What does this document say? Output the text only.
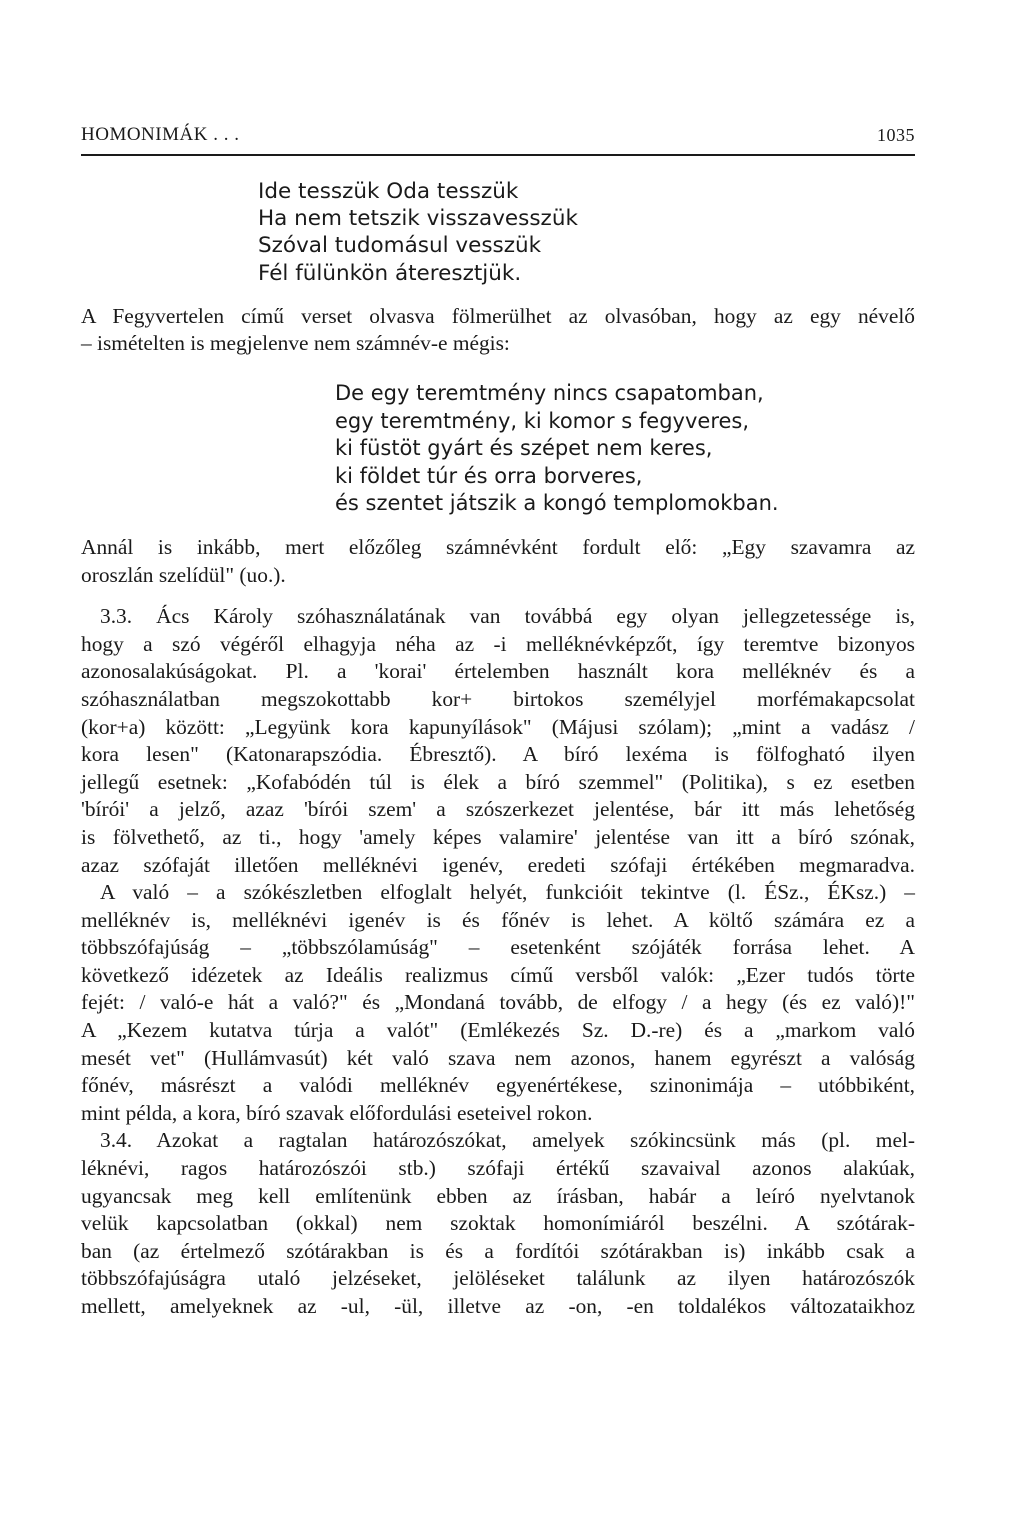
HOMONIMÁK . . .	1035
Ide tesszük Oda tesszük
Ha nem tetszik visszavesszük
Szóval tudomásul vesszük
Fél fülünkön áteresztjük.
A Fegyvertelen című verset olvasva fölmerülhet az olvasóban, hogy az egy névelő
– ismételten is megjelenve nem számnév-e mégis:
De egy teremtmény nincs csapatomban,
egy teremtmény, ki komor s fegyveres,
ki füstöt gyárt és szépet nem keres,
ki földet túr és orra borveres,
és szentet játszik a kongó templomokban.
Annál is inkább, mert előzőleg számnévként fordult elő: „Egy szavamra az
oroszlán szelídül" (uo.).
3.3. Ács Károly szóhasználatának van továbbá egy olyan jellegzetessége is,
hogy a szó végéről elhagyja néha az -i melléknévképzőt, így teremtve bizonyos
azonosalakúságokat. Pl. a 'korai' értelemben használt kora melléknév és a
szóhasználatban megszokottabb kor+ birtokos személyjel morfémakapcsolat
(kor+a) között: „Legyünk kora kapunyílások" (Májusi szólam); „mint a vadász /
kora lesen" (Katonarapszódia. Ébresztő). A bíró lexéma is fölfogható ilyen
jellegű esetnek: „Kofabódén túl is élek a bíró szemmel" (Politika), s ez esetben
'bírói' a jelző, azaz 'bírói szem' a szószerkezet jelentése, bár itt más lehetőség
is fölvethető, az ti., hogy 'amely képes valamire' jelentése van itt a bíró szónak,
azaz szófaját illetően melléknévi igenév, eredeti szófaji értékében megmaradva.
A való – a szókészletben elfoglalt helyét, funkcióit tekintve (l. ÉSz., ÉKsz.) –
melléknév is, melléknévi igenév is és főnév is lehet. A költő számára ez a
többszófajúság – „többszólamúság" – esetenként szójáték forrása lehet. A
következő idézetek az Ideális realizmus című versből valók: „Ezer tudós törte
fejét: / való-e hát a való?" és „Mondaná tovább, de elfogy / a hegy (és ez való)!"
A „Kezem kutatva túrja a valót" (Emlékezés Sz. D.-re) és a „markom való
mesét vet" (Hullámvasút) két való szava nem azonos, hanem egyrészt a valóság
főnév, másrészt a valódi melléknév egyenértékese, szinonimája – utóbbiként,
mint példa, a kora, bíró szavak előfordulási eseteivel rokon.
3.4. Azokat a ragtalan határozószókat, amelyek szókincsünk más (pl. mel-
léknévi, ragos határozószói stb.) szófaji értékű szavaival azonos alakúak,
ugyancsak meg kell említenünk ebben az írásban, habár a leíró nyelvtanok
velük kapcsolatban (okkal) nem szoktak homonímiáról beszélni. A szótárak-
ban (az értelmező szótárakban is és a fordítói szótárakban is) inkább csak a
többszófajúságra utaló jelzéseket, jelöléseket találunk az ilyen határozószók
mellett, amelyeknek az -ul, -ül, illetve az -on, -en toldalékos változataikhoz
